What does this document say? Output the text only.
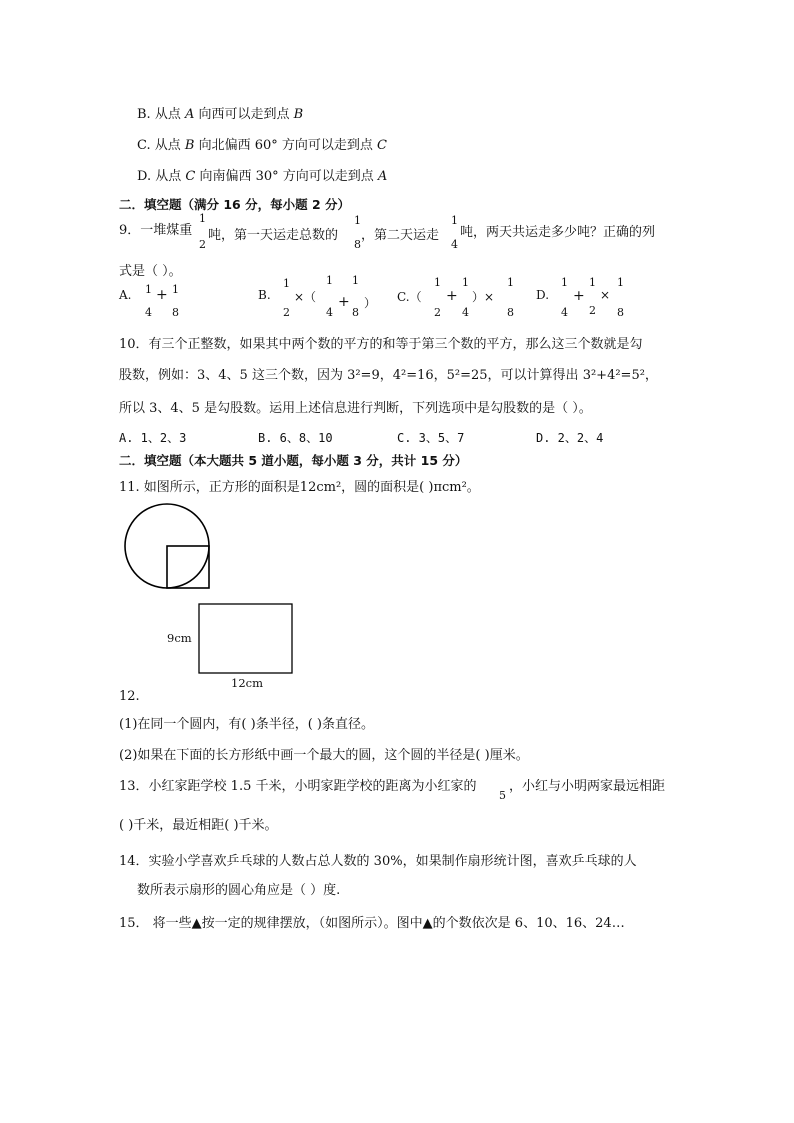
B. 从点 A 向西可以走到点 B
C. 从点 B 向北偏西 60° 方向可以走到点 C
D. 从点 C 向南偏西 30° 方向可以走到点 A
二．填空题（满分 16 分，每小题 2 分）
9．一堆煤重
1
2
吨，第一天运走总数的
1
8
，第二天运走
1
4
吨，两天共运走多少吨？正确的列
式是（ ）。
A. 1 + 1
4 8
B.
1
×（
1 1
+ ）
2	4 8
C.（
1
+
1
）×
1
2 4	8
D.
1
+
1
×
1
4 2 8
10．有三个正整数，如果其中两个数的平方的和等于第三个数的平方，那么这三个数就是勾
股数，例如：3、4、5 这三个数，因为 3²=9，4²=16，5²=25，可以计算得出 3²+4²=5²，
所以 3、4、5 是勾股数。运用上述信息进行判断，下列选项中是勾股数的是（ ）。
A. 1、2、3	B. 6、8、10	C. 3、5、7	D. 2、2、4
二．填空题（本大题共 5 道小题，每小题 3 分，共计 15 分）
11. 如图所示，正方形的面积是12cm²，圆的面积是( )πcm²。
9cm
12cm
12.
(1)在同一个圆内，有( )条半径，( )条直径。
(2)如果在下面的长方形纸中画一个最大的圆，这个圆的半径是( )厘米。
13．小红家距学校 1.5 千米，小明家距学校的距离为小红家的
5
，小红与小明两家最远相距
( )千米，最近相距( )千米。
14．实验小学喜欢乒乓球的人数占总人数的 30%，如果制作扇形统计图，喜欢乒乓球的人
数所表示扇形的圆心角应是（ ）度.
15． 将一些▲按一定的规律摆放，（如图所示）。图中▲的个数依次是 6、10、16、24…
